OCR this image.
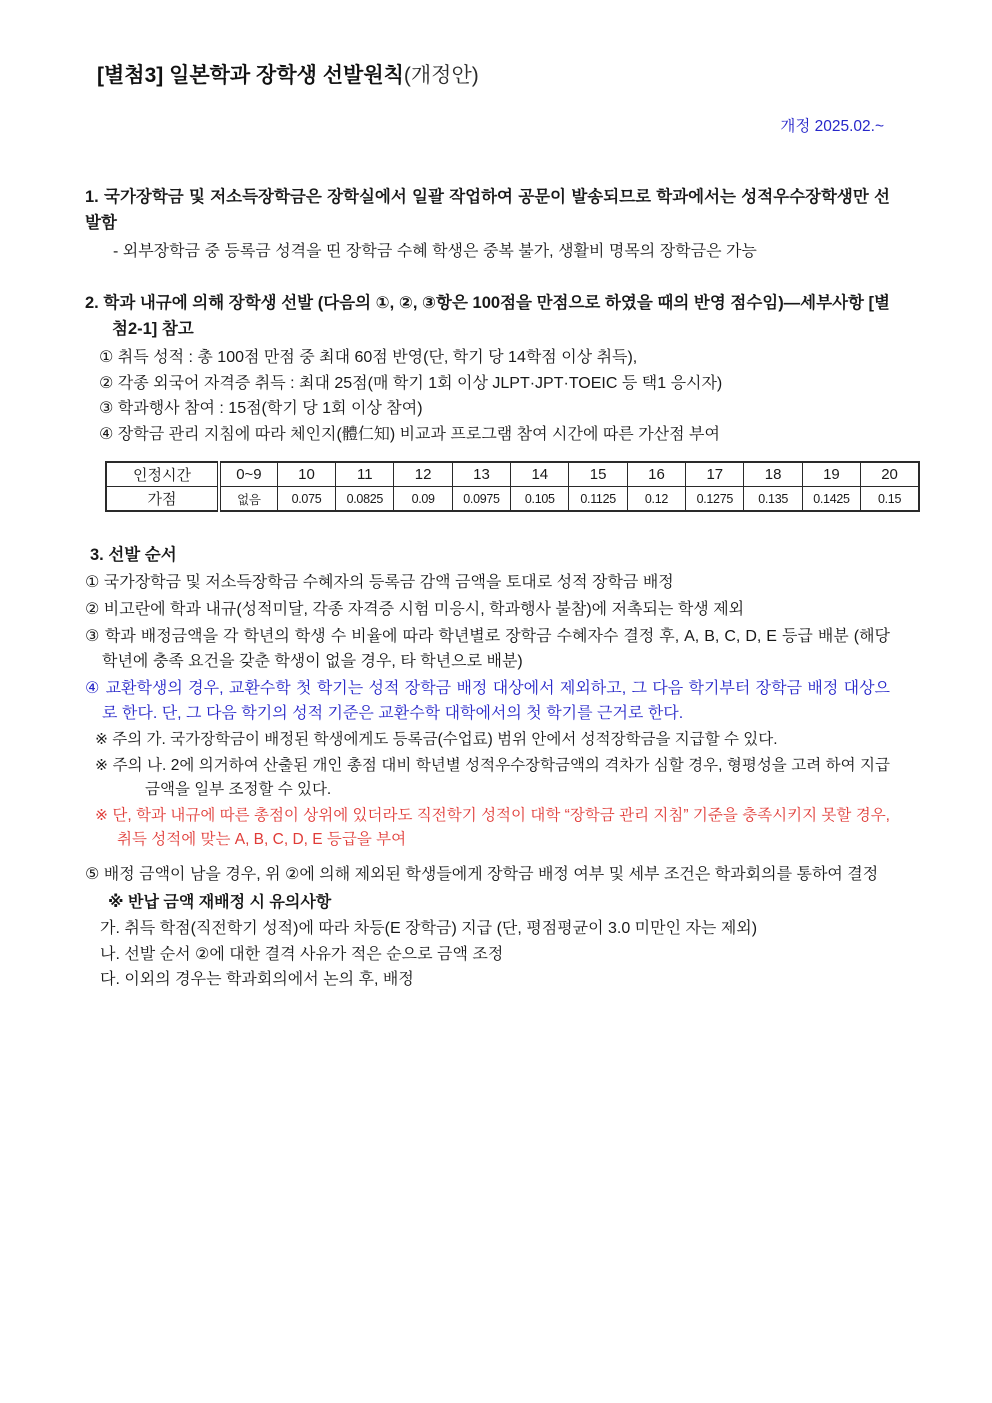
[별첨3] 일본학과 장학생 선발원칙(개정안)
개정 2025.02.~
1. 국가장학금 및 저소득장학금은 장학실에서 일괄 작업하여 공문이 발송되므로 학과에서는 성적우수장학생만 선발함
- 외부장학금 중 등록금 성격을 띤 장학금 수혜 학생은 중복 불가, 생활비 명목의 장학금은 가능
2. 학과 내규에 의해 장학생 선발 (다음의 ①, ②, ③항은 100점을 만점으로 하였을 때의 반영 점수임)—세부사항 [별첨2-1] 참고
① 취득 성적 : 총 100점 만점 중 최대 60점 반영(단, 학기 당 14학점 이상 취득),
② 각종 외국어 자격증 취득 : 최대 25점(매 학기 1회 이상 JLPT·JPT·TOEIC 등 택1 응시자)
③ 학과행사 참여 : 15점(학기 당 1회 이상 참여)
④ 장학금 관리 지침에 따라 체인지(體仁知) 비교과 프로그램 참여 시간에 따른 가산점 부여
인정시간	0~9	10	11	12	13	14	15	16	17	18	19	20
가점	없음	0.075	0.0825	0.09	0.0975	0.105	0.1125	0.12	0.1275	0.135	0.1425	0.15
3. 선발 순서
① 국가장학금 및 저소득장학금 수혜자의 등록금 감액 금액을 토대로 성적 장학금 배정
② 비고란에 학과 내규(성적미달, 각종 자격증 시험 미응시, 학과행사 불참)에 저촉되는 학생 제외
③ 학과 배정금액을 각 학년의 학생 수 비율에 따라 학년별로 장학금 수혜자수 결정 후, A, B, C, D, E 등급 배분 (해당 학년에 충족 요건을 갖춘 학생이 없을 경우, 타 학년으로 배분)
④ 교환학생의 경우, 교환수학 첫 학기는 성적 장학금 배정 대상에서 제외하고, 그 다음 학기부터 장학금 배정 대상으로 한다. 단, 그 다음 학기의 성적 기준은 교환수학 대학에서의 첫 학기를 근거로 한다.
※ 주의 가. 국가장학금이 배정된 학생에게도 등록금(수업료) 범위 안에서 성적장학금을 지급할 수 있다.
※ 주의 나. 2에 의거하여 산출된 개인 총점 대비 학년별 성적우수장학금액의 격차가 심할 경우, 형평성을 고려 하여 지급 금액을 일부 조정할 수 있다.
※ 단, 학과 내규에 따른 총점이 상위에 있더라도 직전학기 성적이 대학 “장학금 관리 지침” 기준을 충족시키지 못할 경우, 취득 성적에 맞는 A, B, C, D, E 등급을 부여
⑤ 배정 금액이 남을 경우, 위 ②에 의해 제외된 학생들에게 장학금 배정 여부 및 세부 조건은 학과회의를 통하여 결정
※ 반납 금액 재배정 시 유의사항
가. 취득 학점(직전학기 성적)에 따라 차등(E 장학금) 지급 (단, 평점평균이 3.0 미만인 자는 제외)
나. 선발 순서 ②에 대한 결격 사유가 적은 순으로 금액 조정
다. 이외의 경우는 학과회의에서 논의 후, 배정
